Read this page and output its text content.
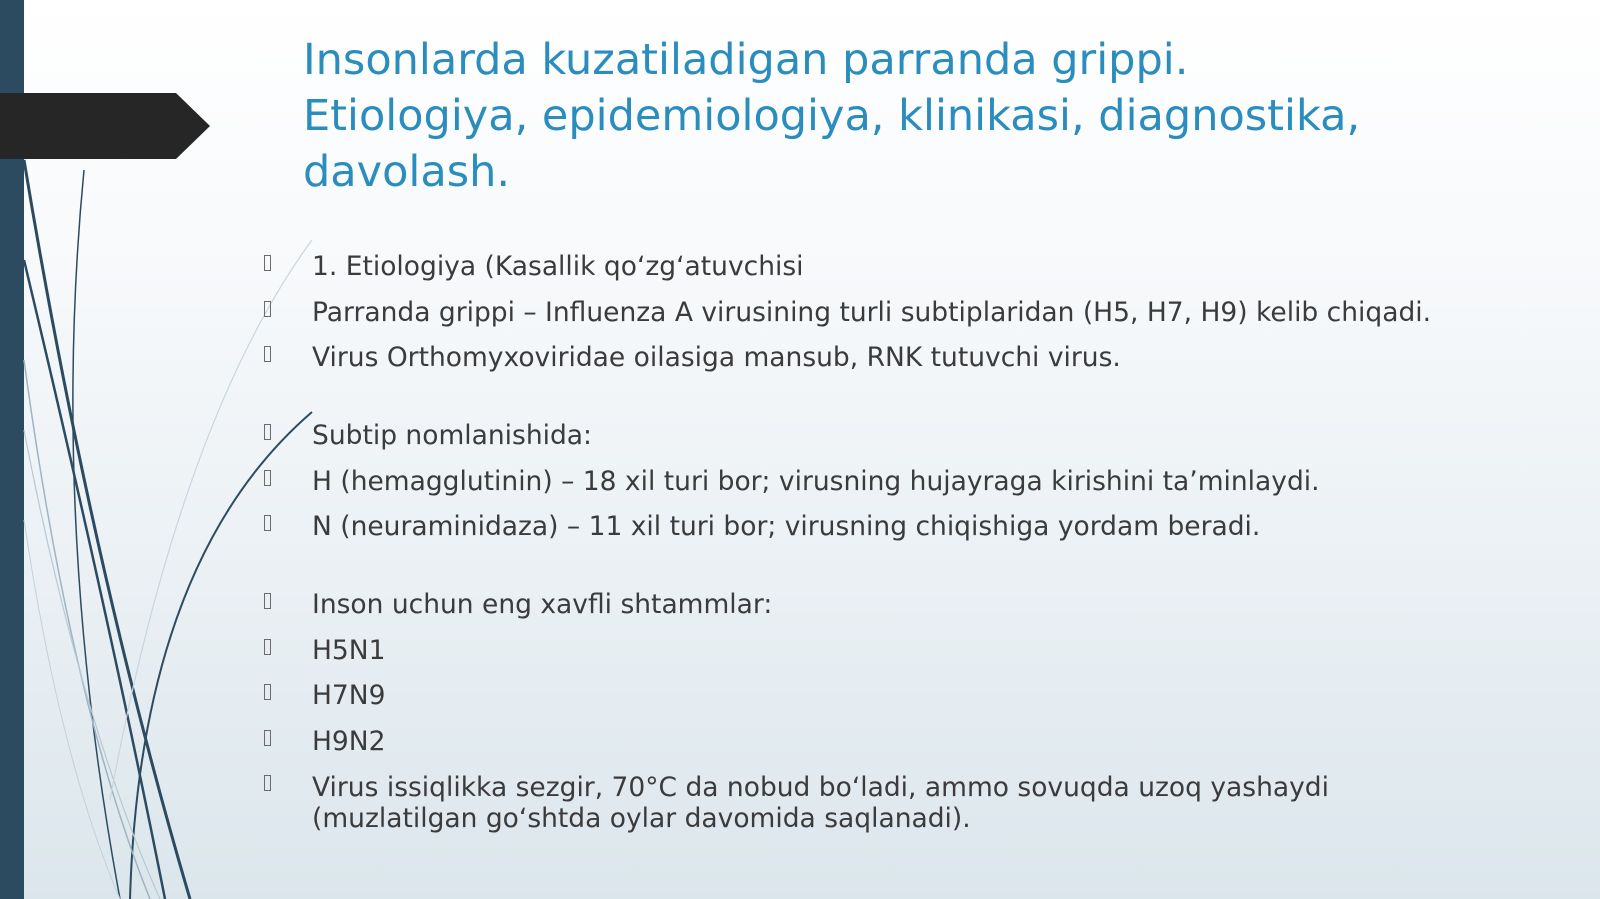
Insonlarda kuzatiladigan parranda grippi.
Etiologiya, epidemiologiya, klinikasi, diagnostika,
davolash.
1. Etiologiya (Kasallik qoʻzgʻatuvchisi
Parranda grippi – Influenza A virusining turli subtiplaridan (H5, H7, H9) kelib chiqadi.
Virus Orthomyxoviridae oilasiga mansub, RNK tutuvchi virus.
Subtip nomlanishida:
H (hemagglutinin) – 18 xil turi bor; virusning hujayraga kirishini taʼminlaydi.
N (neuraminidaza) – 11 xil turi bor; virusning chiqishiga yordam beradi.
Inson uchun eng xavfli shtammlar:
H5N1
H7N9
H9N2
Virus issiqlikka sezgir, 70°C da nobud boʻladi, ammo sovuqda uzoq yashaydi (muzlatilgan goʻshtda oylar davomida saqlanadi).
